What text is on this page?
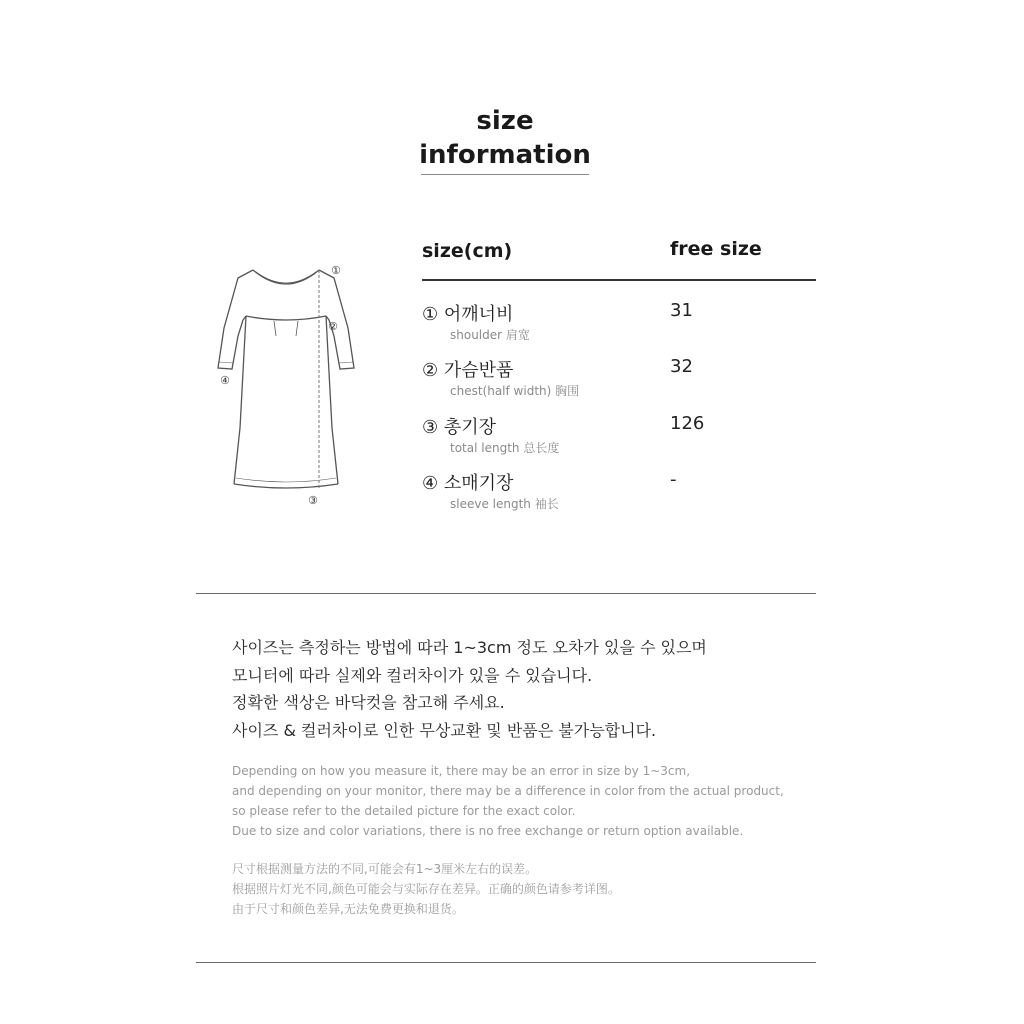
size
information
①
②
③
④
size(cm)	free size
① 어깨너비
shoulder 肩宽
31
② 가슴반품
chest(half width) 胸围
32
③ 총기장
total length 总长度
126
④ 소매기장
sleeve length 袖长
-
사이즈는 측정하는 방법에 따라 1~3cm 정도 오차가 있을 수 있으며
모니터에 따라 실제와 컬러차이가 있을 수 있습니다.
정확한 색상은 바닥컷을 참고해 주세요.
사이즈 & 컬러차이로 인한 무상교환 및 반품은 불가능합니다.
Depending on how you measure it, there may be an error in size by 1~3cm,
and depending on your monitor, there may be a difference in color from the actual product,
so please refer to the detailed picture for the exact color.
Due to size and color variations, there is no free exchange or return option available.
尺寸根据测量方法的不同,可能会有1~3厘米左右的误差。
根据照片灯光不同,颜色可能会与实际存在差异。正确的颜色请参考详图。
由于尺寸和颜色差异,无法免费更换和退货。
